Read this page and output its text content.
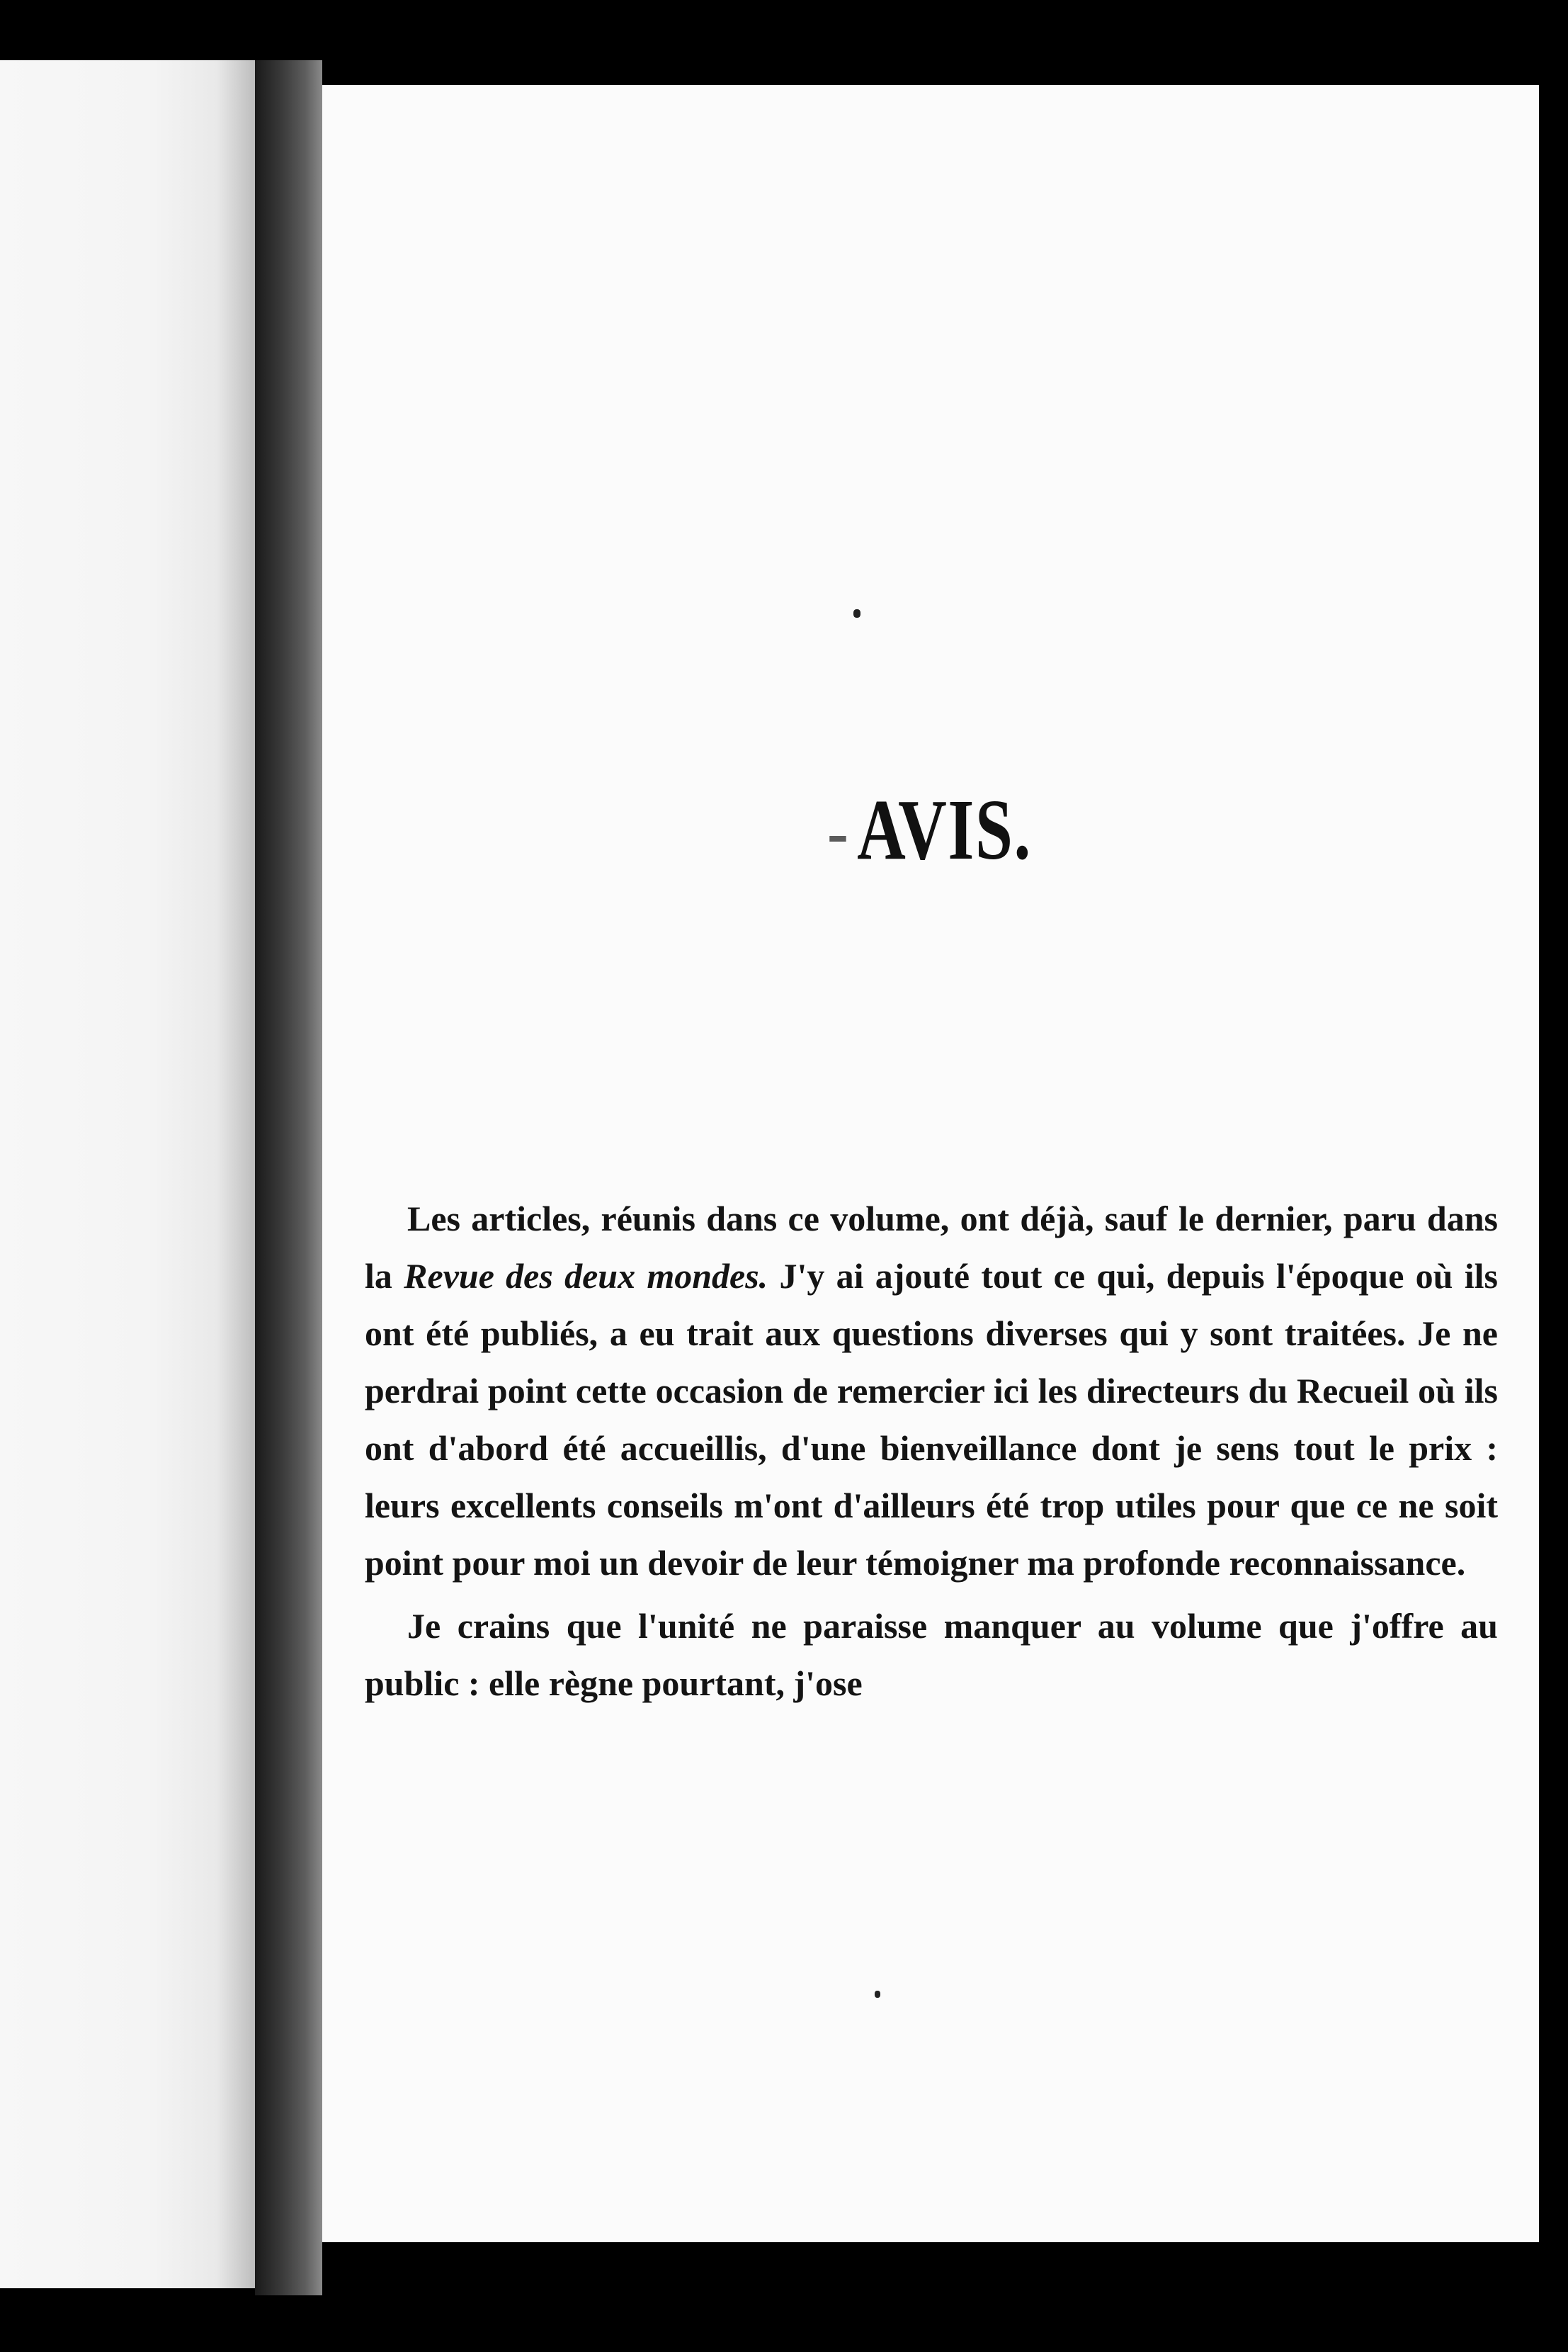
AVIS.

Les articles, réunis dans ce volume, ont déjà, sauf le dernier, paru dans la Revue des deux mondes. J'y ai ajouté tout ce qui, depuis l'époque où ils ont été publiés, a eu trait aux questions diverses qui y sont traitées. Je ne perdrai point cette occasion de remercier ici les directeurs du Recueil où ils ont d'abord été accueillis, d'une bienveillance dont je sens tout le prix : leurs excellents conseils m'ont d'ailleurs été trop utiles pour que ce ne soit point pour moi un devoir de leur témoigner ma profonde reconnaissance.

Je crains que l'unité ne paraisse manquer au volume que j'offre au public : elle règne pourtant, j'ose
